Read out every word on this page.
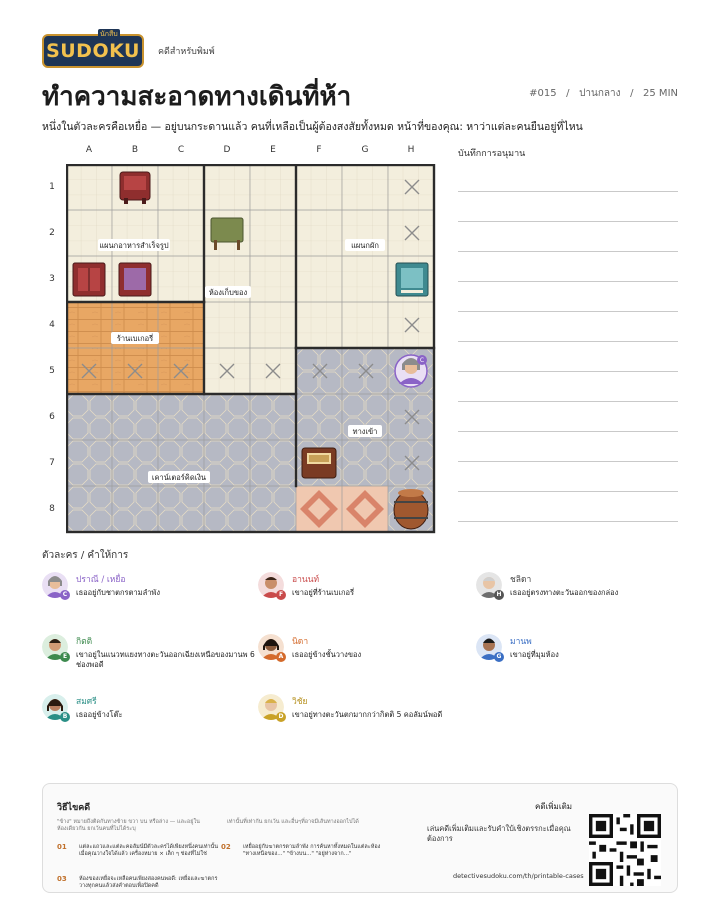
นักสืบ
SUDOKU คดีสำหรับพิมพ์
ทำความสะอาดทางเดินที่ห้า	#015 / ปานกลาง / 25 MIN
หนึ่งในตัวละครคือเหยื่อ — อยู่บนกระดานแล้ว คนที่เหลือเป็นผู้ต้องสงสัยทั้งหมด หน้าที่ของคุณ: หาว่าแต่ละคนยืนอยู่ที่ไหน
A	B	C	D	E	F	G	H
1
2
3
4
5
6
7
8
C
แผนกอาหารสำเร็จรูป	แผนกผัก
ห้องเก็บของ
ร้านเบเกอรี่
ทางเข้า
เคาน์เตอร์คิดเงิน
บันทึกการอนุมาน
ตัวละคร / คำให้การ
C
ปราณี / เหยื่อ
เธออยู่กับชาตกรตามลำพัง	F
อานนท์
เขาอยู่ที่ร้านเบเกอรี่	H
ชลิดา
เธออยู่ตรงทางตะวันออกของกล่อง
E
กิตติ
เขาอยู่ในแนวทแยงทางตะวันออกเฉียงเหนือของมานพ 6 ช่องพอดี
A
นิดา
เธออยู่ข้างชั้นวางของ	G
มานพ
เขาอยู่ที่มุมห้อง
B
สมศรี
เธออยู่ข้างโต๊ะ	D
วิชัย
เขาอยู่ทางตะวันตกมากกว่ากิตติ 5 คอลัมน์พอดี
วิธีไขคดี
"ข้าง" หมายถึงติดกันทางซ้าย ขวา บน หรือล่าง — และอยู่ในห้องเดียวกัน ยกเว้นคนที่ไม่ได้ระบุ
เท่านั้นที่เท่ากัน ยกเว้น และอื่นๆที่อาจมีเส้นทางออกไปได้
01 แต่ละแถวและแต่ละคอลัมน์มีตัวละครได้เพียงหนึ่งคนเท่านั้น เมื่อคุณวางใจได้แล้ว เครื่องหมาย × เล็ก ๆ ช่องที่ไม่ใช่
02 เหยื่ออยู่กับฆาตกรตามลำพัง การค้นหาทั้งหมดในแต่ละห้อง "ทางเหนือของ..." "ข้างบน..." "อยู่ห่างจาก..."
03 ห้องของเหยื่อจะเหลือคนเพียงสองคนพอดี: เหยื่อและฆาตกร วางทุกคนแล้วส่งคำตอบเพื่อปิดคดี
คดีเพิ่มเติม
เล่นคดีเพิ่มเติมและรับคำใบ้เชิงตรรกะเมื่อคุณต้องการ
detectivesudoku.com/th/printable-cases
